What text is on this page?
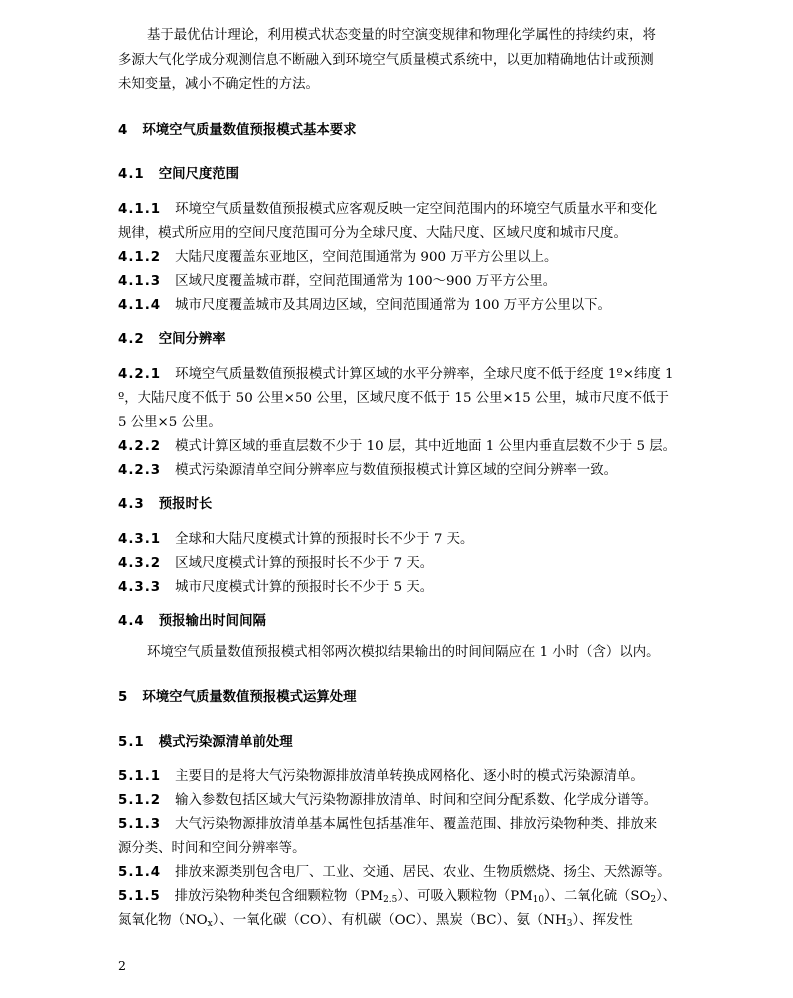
基于最优估计理论，利用模式状态变量的时空演变规律和物理化学属性的持续约束，将
多源大气化学成分观测信息不断融入到环境空气质量模式系统中，以更加精确地估计或预测
未知变量，减小不确定性的方法。
4 环境空气质量数值预报模式基本要求
4.1 空间尺度范围
4.1.1 环境空气质量数值预报模式应客观反映一定空间范围内的环境空气质量水平和变化
规律，模式所应用的空间尺度范围可分为全球尺度、大陆尺度、区域尺度和城市尺度。
4.1.2 大陆尺度覆盖东亚地区，空间范围通常为 900 万平方公里以上。
4.1.3 区域尺度覆盖城市群，空间范围通常为 100～900 万平方公里。
4.1.4 城市尺度覆盖城市及其周边区域，空间范围通常为 100 万平方公里以下。
4.2 空间分辨率
4.2.1 环境空气质量数值预报模式计算区域的水平分辨率，全球尺度不低于经度 1º×纬度 1
º，大陆尺度不低于 50 公里×50 公里，区域尺度不低于 15 公里×15 公里，城市尺度不低于
5 公里×5 公里。
4.2.2 模式计算区域的垂直层数不少于 10 层，其中近地面 1 公里内垂直层数不少于 5 层。
4.2.3 模式污染源清单空间分辨率应与数值预报模式计算区域的空间分辨率一致。
4.3 预报时长
4.3.1 全球和大陆尺度模式计算的预报时长不少于 7 天。
4.3.2 区域尺度模式计算的预报时长不少于 7 天。
4.3.3 城市尺度模式计算的预报时长不少于 5 天。
4.4 预报输出时间间隔
环境空气质量数值预报模式相邻两次模拟结果输出的时间间隔应在 1 小时（含）以内。
5 环境空气质量数值预报模式运算处理
5.1 模式污染源清单前处理
5.1.1 主要目的是将大气污染物源排放清单转换成网格化、逐小时的模式污染源清单。
5.1.2 输入参数包括区域大气污染物源排放清单、时间和空间分配系数、化学成分谱等。
5.1.3 大气污染物源排放清单基本属性包括基准年、覆盖范围、排放污染物种类、排放来
源分类、时间和空间分辨率等。
5.1.4 排放来源类别包含电厂、工业、交通、居民、农业、生物质燃烧、扬尘、天然源等。
5.1.5 排放污染物种类包含细颗粒物$(PM_{2.5})$、可吸入颗粒物$(PM_{10})$、二氧化硫$(SO_2)$、
氮氧化物$(NO_x)$、一氧化碳（CO）、有机碳（OC）、黑炭（BC）、氨$(NH_3)$、挥发性
2
